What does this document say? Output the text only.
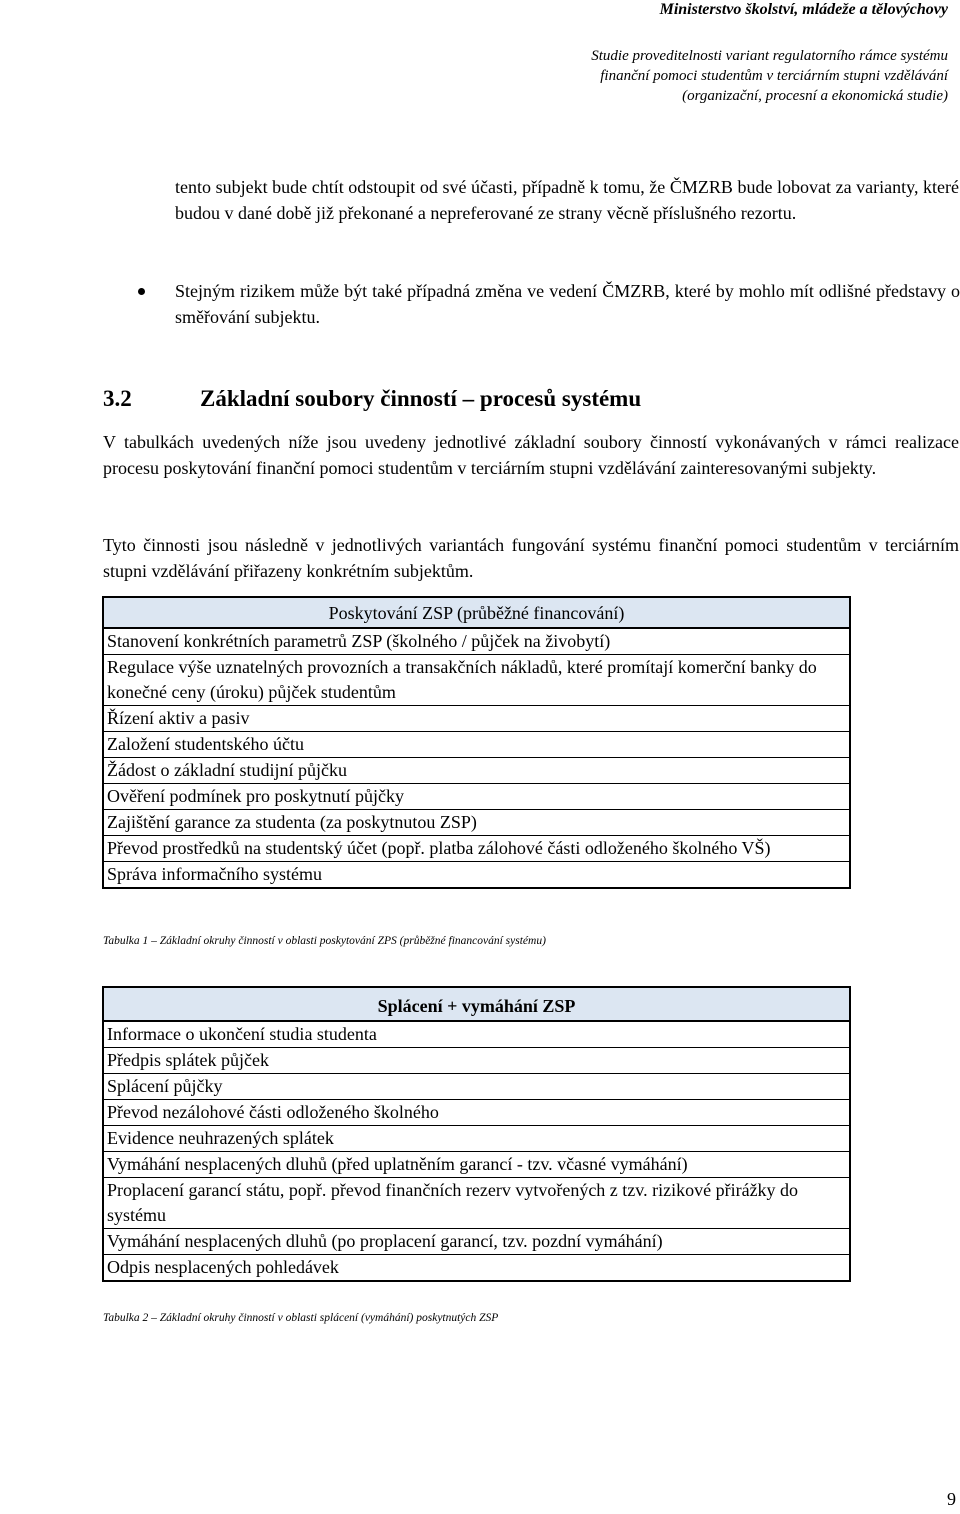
Ministerstvo školství, mládeže a tělovýchovy
Studie proveditelnosti variant regulatorního rámce systému
finanční pomoci studentům v terciárním stupni vzdělávání
(organizační, procesní a ekonomická studie)
tento subjekt bude chtít odstoupit od své účasti, případně k tomu, že ČMZRB bude lobovat za varianty, které budou v dané době již překonané a nepreferované ze strany věcně příslušného rezortu.
Stejným rizikem může být také případná změna ve vedení ČMZRB, které by mohlo mít odlišné představy o směřování subjektu.
3.2	Základní soubory činností – procesů systému
V tabulkách uvedených níže jsou uvedeny jednotlivé základní soubory činností vykonávaných v rámci realizace procesu poskytování finanční pomoci studentům v terciárním stupni vzdělávání zainteresovanými subjekty.
Tyto činnosti jsou následně v jednotlivých variantách fungování systému finanční pomoci studentům v terciárním stupni vzdělávání přiřazeny konkrétním subjektům.
Poskytování ZSP (průběžné financování)
Stanovení konkrétních parametrů ZSP (školného / půjček na živobytí)
Regulace výše uznatelných provozních a transakčních nákladů, které promítají komerční banky do konečné ceny (úroku) půjček studentům
Řízení aktiv a pasiv
Založení studentského účtu
Žádost o základní studijní půjčku
Ověření podmínek pro poskytnutí půjčky
Zajištění garance za studenta (za poskytnutou ZSP)
Převod prostředků na studentský účet (popř. platba zálohové části odloženého školného VŠ)
Správa informačního systému
Tabulka 1 – Základní okruhy činností v oblasti poskytování ZPS (průběžné financování systému)
Splácení + vymáhání ZSP
Informace o ukončení studia studenta
Předpis splátek půjček
Splácení půjčky
Převod nezálohové části odloženého školného
Evidence neuhrazených splátek
Vymáhání nesplacených dluhů (před uplatněním garancí - tzv. včasné vymáhání)
Proplacení garancí státu, popř. převod finančních rezerv vytvořených z tzv. rizikové přirážky do systému
Vymáhání nesplacených dluhů (po proplacení garancí, tzv. pozdní vymáhání)
Odpis nesplacených pohledávek
Tabulka 2 – Základní okruhy činností v oblasti splácení (vymáhání) poskytnutých ZSP
9
